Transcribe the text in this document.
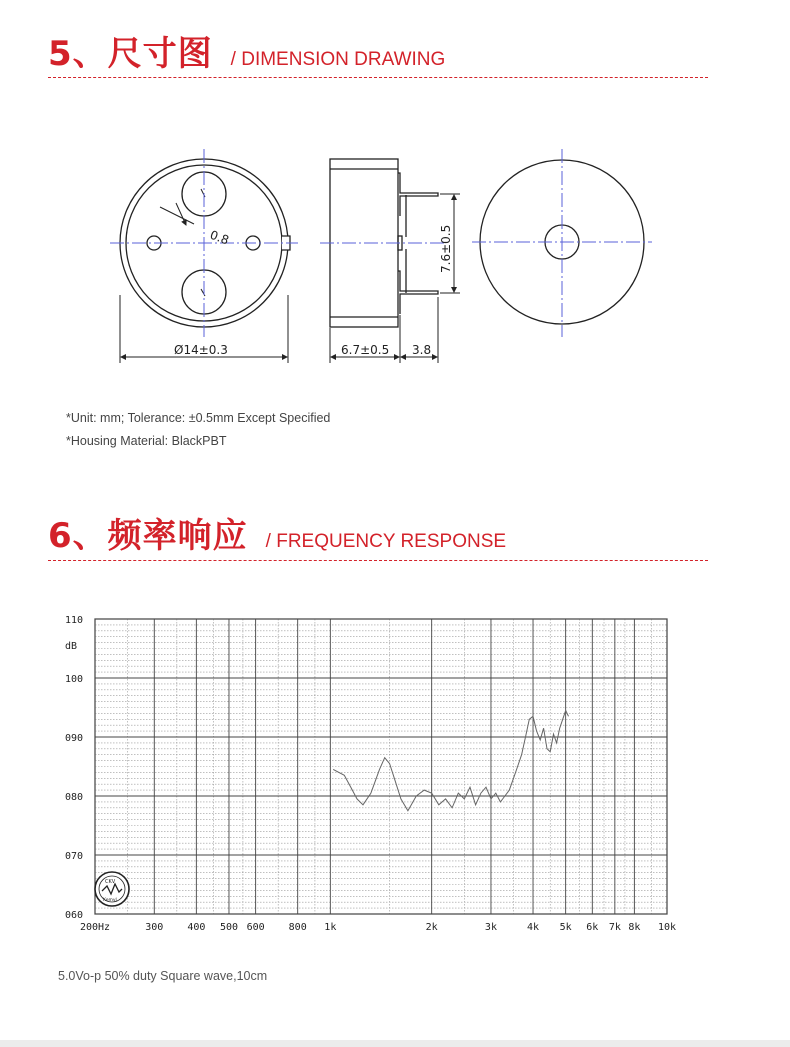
5、尺寸图 / DIMENSION DRAWING
0.8
Ø14±0.3
7.6±0.5
6.7±0.5 3.8
*Unit: mm; Tolerance: ±0.5mm Except Specified
*Housing Material: BlackPBT
6、频率响应 / FREQUENCY RESPONSE
060
070
080
090
100
110
200Hz	300 400 500 600 800 1k	2k	3k	4k 5k 6k 7k 8k 10k
dB
CKV
Kemyl
5.0Vo-p 50% duty Square wave,10cm
